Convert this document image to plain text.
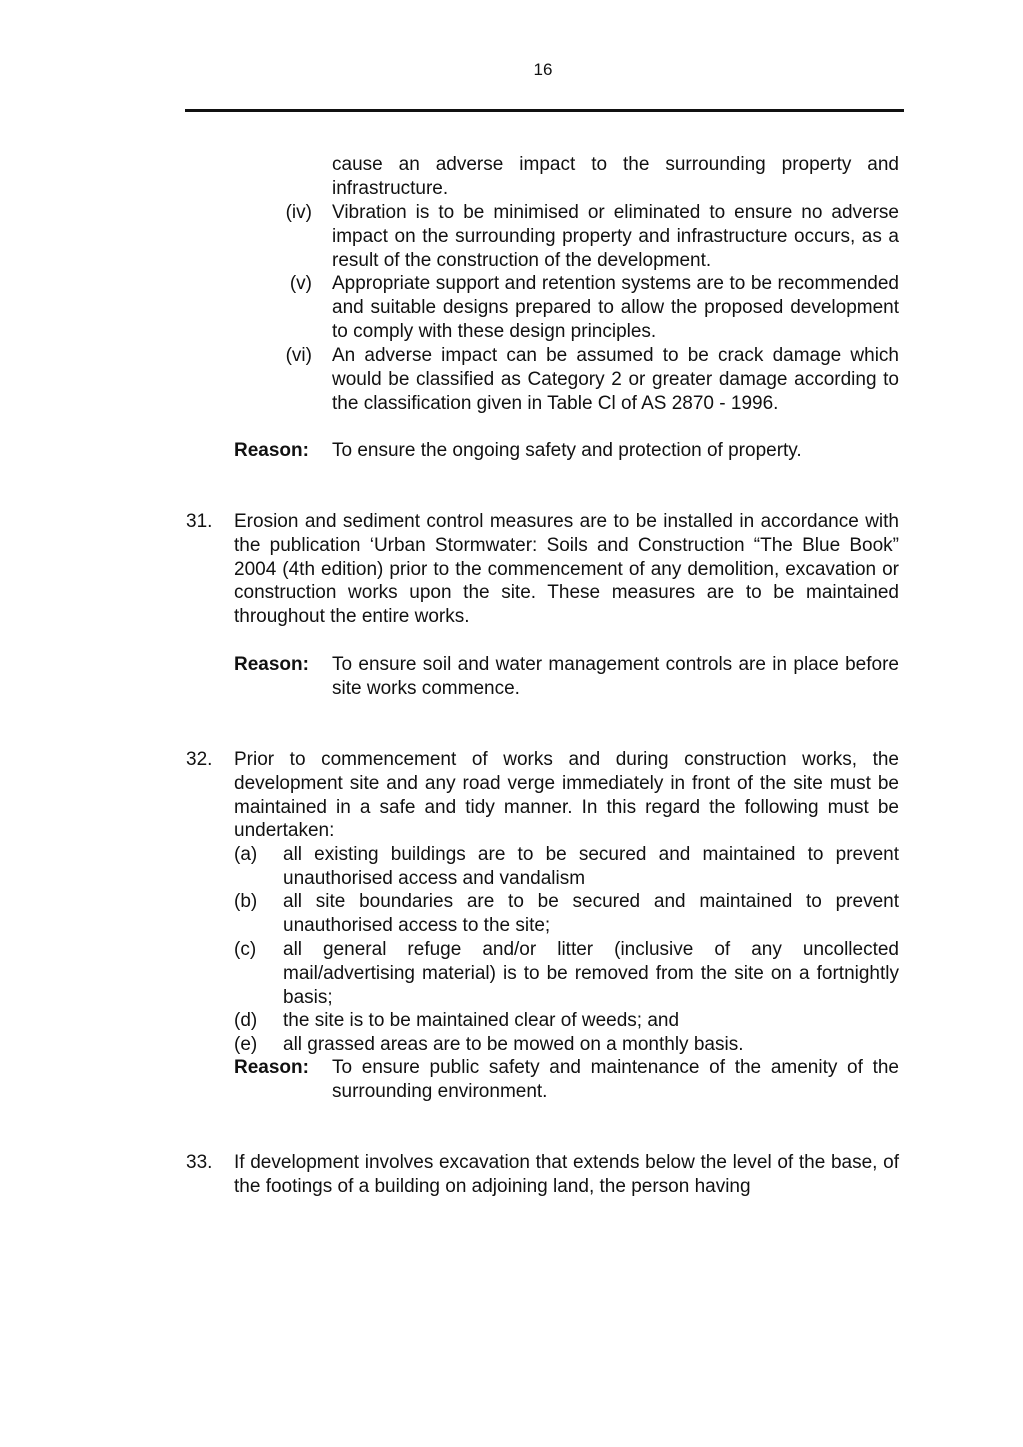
16
cause an adverse impact to the surrounding property and infrastructure.
(iv) Vibration is to be minimised or eliminated to ensure no adverse impact on the surrounding property and infrastructure occurs, as a result of the construction of the development.
(v) Appropriate support and retention systems are to be recommended and suitable designs prepared to allow the proposed development to comply with these design principles.
(vi) An adverse impact can be assumed to be crack damage which would be classified as Category 2 or greater damage according to the classification given in Table Cl of AS 2870 - 1996.
Reason: To ensure the ongoing safety and protection of property.
31. Erosion and sediment control measures are to be installed in accordance with the publication ‘Urban Stormwater: Soils and Construction “The Blue Book” 2004 (4th edition) prior to the commencement of any demolition, excavation or construction works upon the site. These measures are to be maintained throughout the entire works.
Reason: To ensure soil and water management controls are in place before site works commence.
32. Prior to commencement of works and during construction works, the development site and any road verge immediately in front of the site must be maintained in a safe and tidy manner. In this regard the following must be undertaken:
(a) all existing buildings are to be secured and maintained to prevent unauthorised access and vandalism
(b) all site boundaries are to be secured and maintained to prevent unauthorised access to the site;
(c) all general refuge and/or litter (inclusive of any uncollected mail/advertising material) is to be removed from the site on a fortnightly basis;
(d) the site is to be maintained clear of weeds; and
(e) all grassed areas are to be mowed on a monthly basis.
Reason: To ensure public safety and maintenance of the amenity of the surrounding environment.
33. If development involves excavation that extends below the level of the base, of the footings of a building on adjoining land, the person having
